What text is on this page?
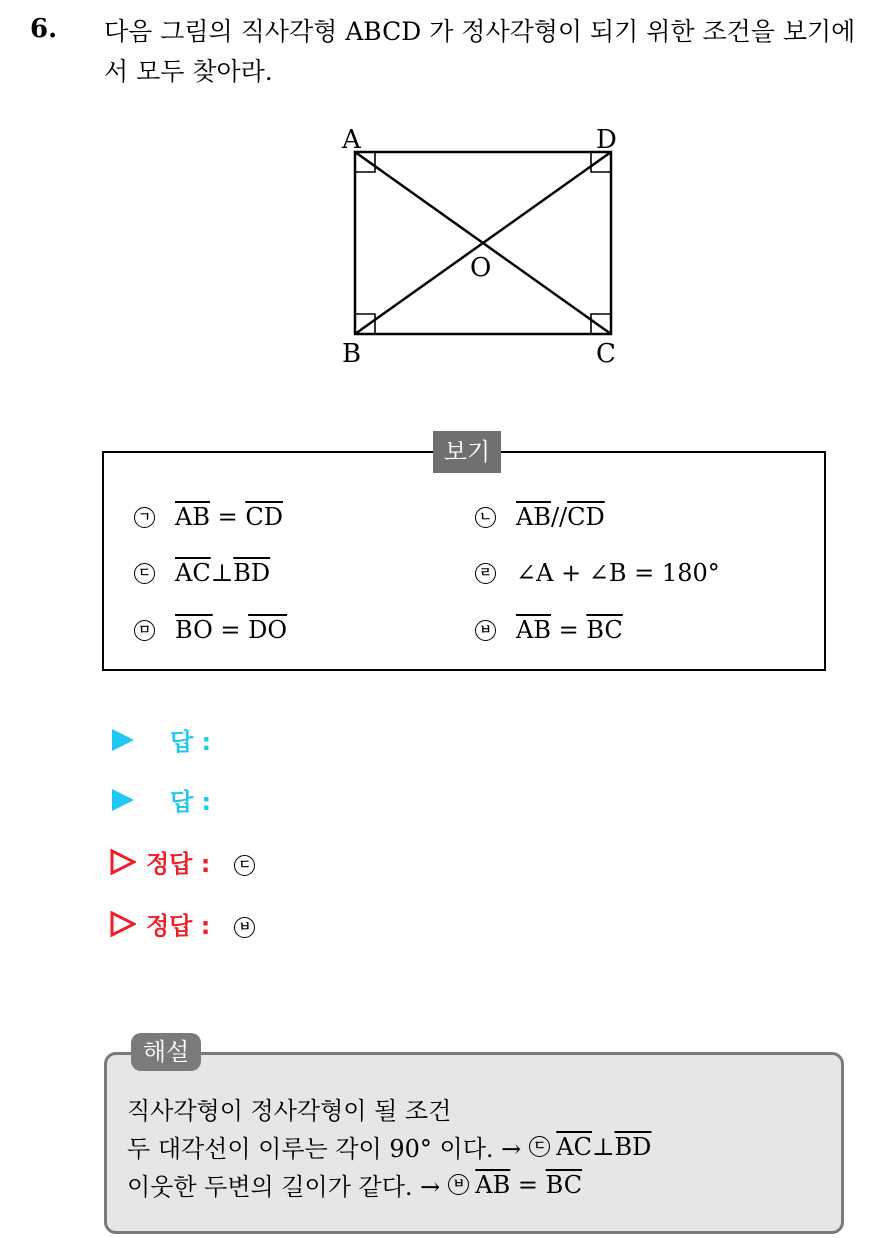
6. 다음 그림의 직사각형 ABCD 가 정사각형이 되기 위한 조건을 보기에서 모두 찾아라.

A	D
B	C
O
보기
ㄱ $\overline{AB} = \overline{CD}$	ㄴ $\overline{AB} // \overline{CD}$
ㄷ $\overline{AC}$ ⊥ $\overline{BD}$	ㄹ ∠A + ∠B = 180°
ㅁ $\overline{BO} = \overline{DO}$	ㅂ $\overline{AB} = \overline{BC}$
답 :
답 :
정답 :	ㄷ
정답 :	ㅂ
해설
직사각형이 정사각형이 될 조건
두 대각선이 이루는 각이 90° 이다. → ㄷ $\overline{AC}$ ⊥ $\overline{BD}$
이웃한 두변의 길이가 같다. → ㅂ $\overline{AB} = \overline{BC}$
